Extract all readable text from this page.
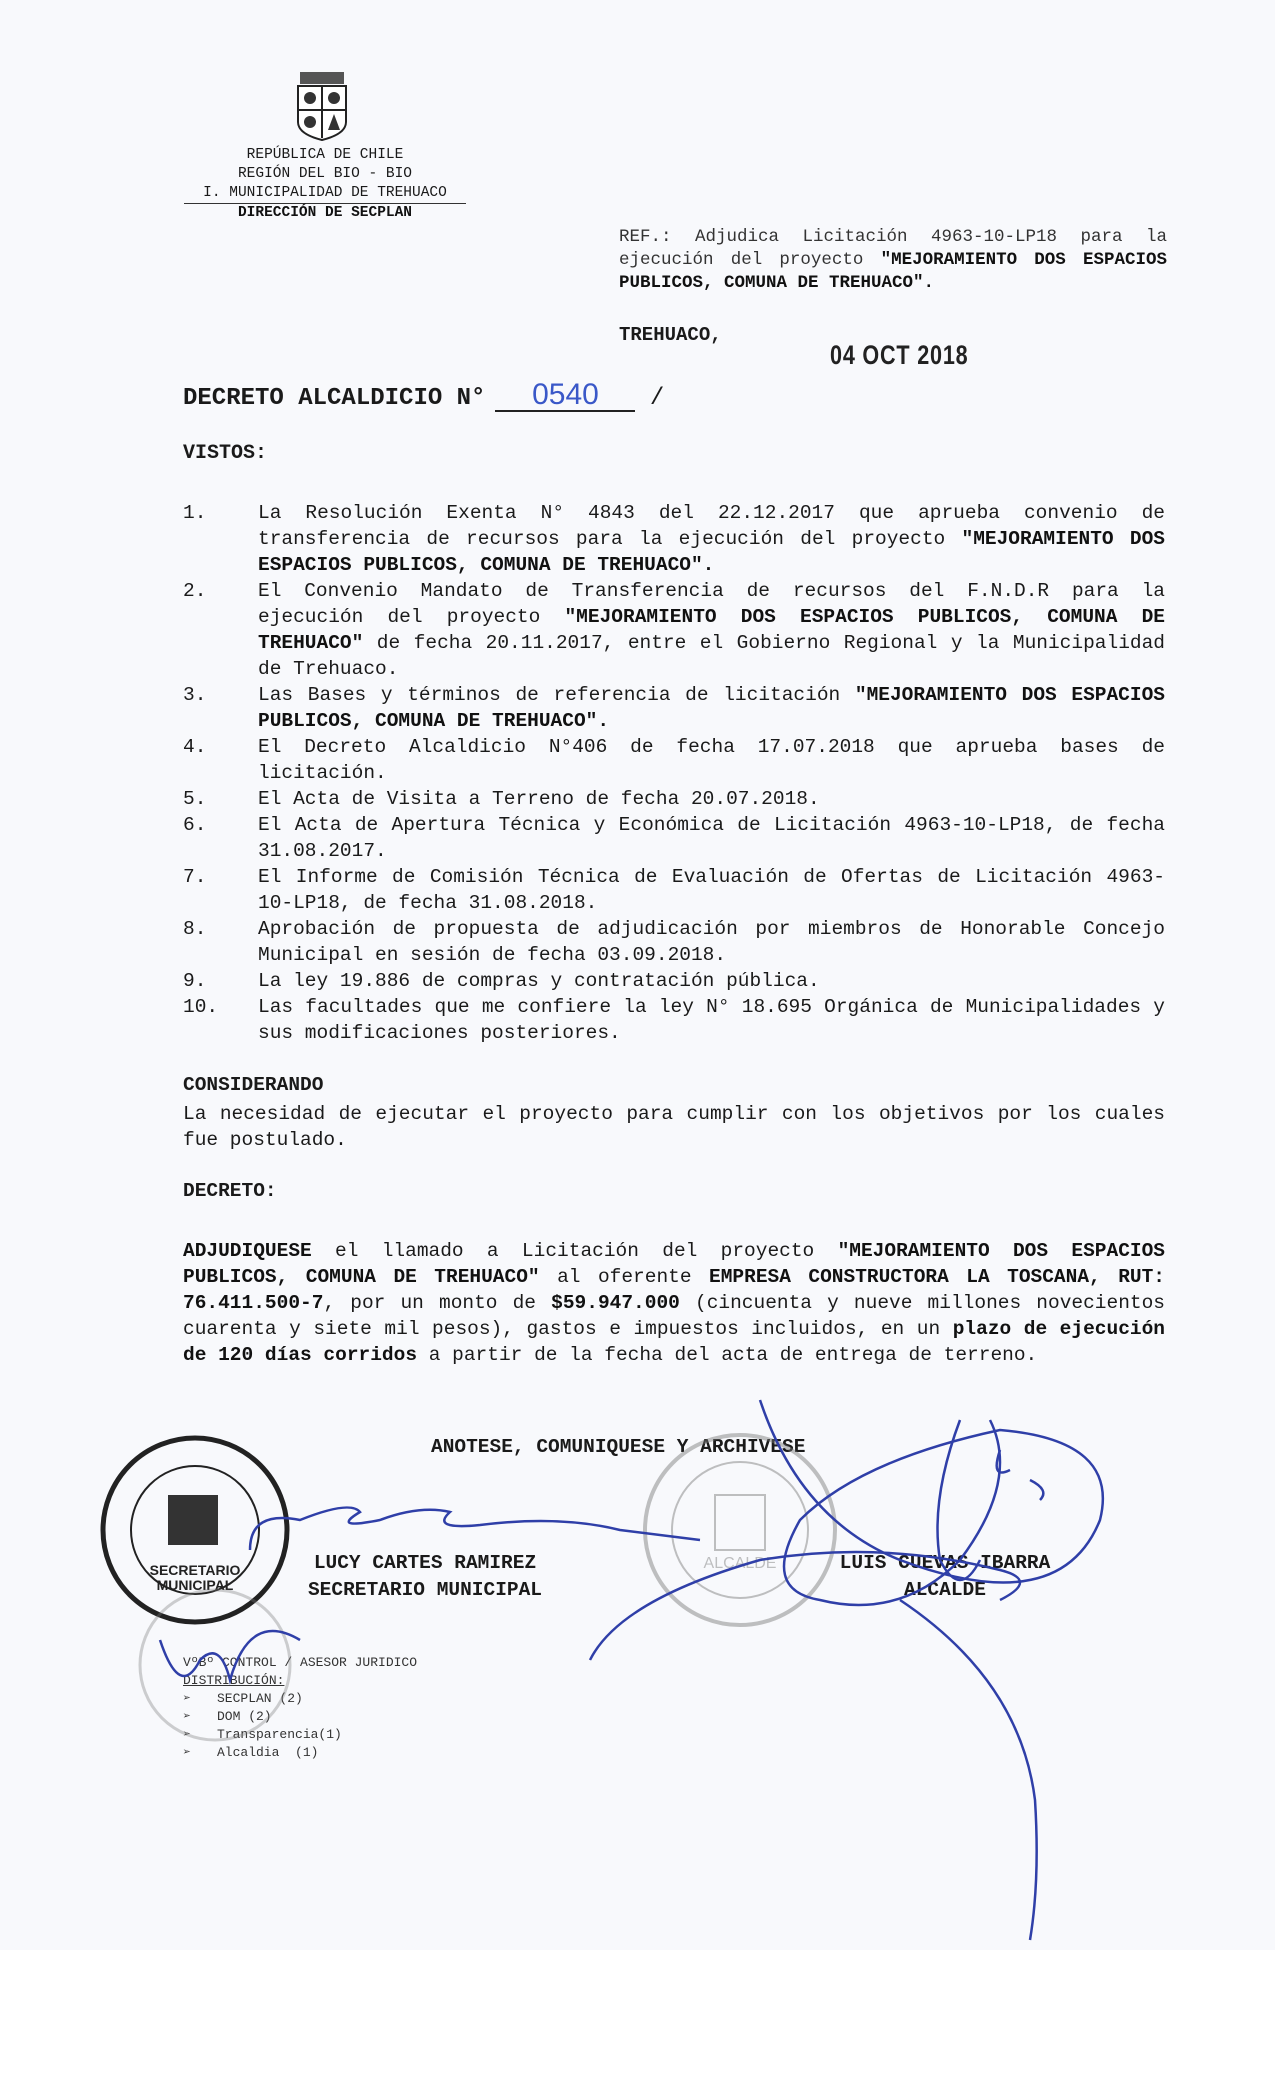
REPÚBLICA DE CHILE
REGIÓN DEL BIO - BIO
I. MUNICIPALIDAD DE TREHUACO
DIRECCIÓN DE SECPLAN
REF.: Adjudica Licitación 4963-10-LP18 para la ejecución del proyecto "MEJORAMIENTO DOS ESPACIOS PUBLICOS, COMUNA DE TREHUACO".
TREHUACO,
04 OCT 2018
DECRETO ALCALDICIO N° 0540 /
VISTOS:
1.	La Resolución Exenta N° 4843 del 22.12.2017 que aprueba convenio de transferencia de recursos para la ejecución del proyecto "MEJORAMIENTO DOS ESPACIOS PUBLICOS, COMUNA DE TREHUACO".
2.	El Convenio Mandato de Transferencia de recursos del F.N.D.R para la ejecución del proyecto "MEJORAMIENTO DOS ESPACIOS PUBLICOS, COMUNA DE TREHUACO" de fecha 20.11.2017, entre el Gobierno Regional y la Municipalidad de Trehuaco.
3.	Las Bases y términos de referencia de licitación "MEJORAMIENTO DOS ESPACIOS PUBLICOS, COMUNA DE TREHUACO".
4.	El Decreto Alcaldicio N°406 de fecha 17.07.2018 que aprueba bases de licitación.
5.	El Acta de Visita a Terreno de fecha 20.07.2018.
6.	El Acta de Apertura Técnica y Económica de Licitación 4963-10-LP18, de fecha 31.08.2017.
7.	El Informe de Comisión Técnica de Evaluación de Ofertas de Licitación 4963-10-LP18, de fecha 31.08.2018.
8.	Aprobación de propuesta de adjudicación por miembros de Honorable Concejo Municipal en sesión de fecha 03.09.2018.
9.	La ley 19.886 de compras y contratación pública.
10.	Las facultades que me confiere la ley N° 18.695 Orgánica de Municipalidades y sus modificaciones posteriores.
CONSIDERANDO
La necesidad de ejecutar el proyecto para cumplir con los objetivos por los cuales fue postulado.
DECRETO:
ADJUDIQUESE el llamado a Licitación del proyecto "MEJORAMIENTO DOS ESPACIOS PUBLICOS, COMUNA DE TREHUACO" al oferente EMPRESA CONSTRUCTORA LA TOSCANA, RUT: 76.411.500-7, por un monto de $59.947.000 (cincuenta y nueve millones novecientos cuarenta y siete mil pesos), gastos e impuestos incluidos, en un plazo de ejecución de 120 días corridos a partir de la fecha del acta de entrega de terreno.
ANOTESE, COMUNIQUESE Y ARCHIVESE
LUCY CARTES RAMIREZ
SECRETARIO MUNICIPAL
LUIS CUEVAS IBARRA
ALCALDE
VºBº CONTROL / ASESOR JURIDICO
DISTRIBUCIÓN:
➢	SECPLAN (2)
➢	DOM (2)
➢	Transparencia(1)
➢	Alcaldia  (1)
SECRETARIO
MUNICIPAL
ALCALDE
